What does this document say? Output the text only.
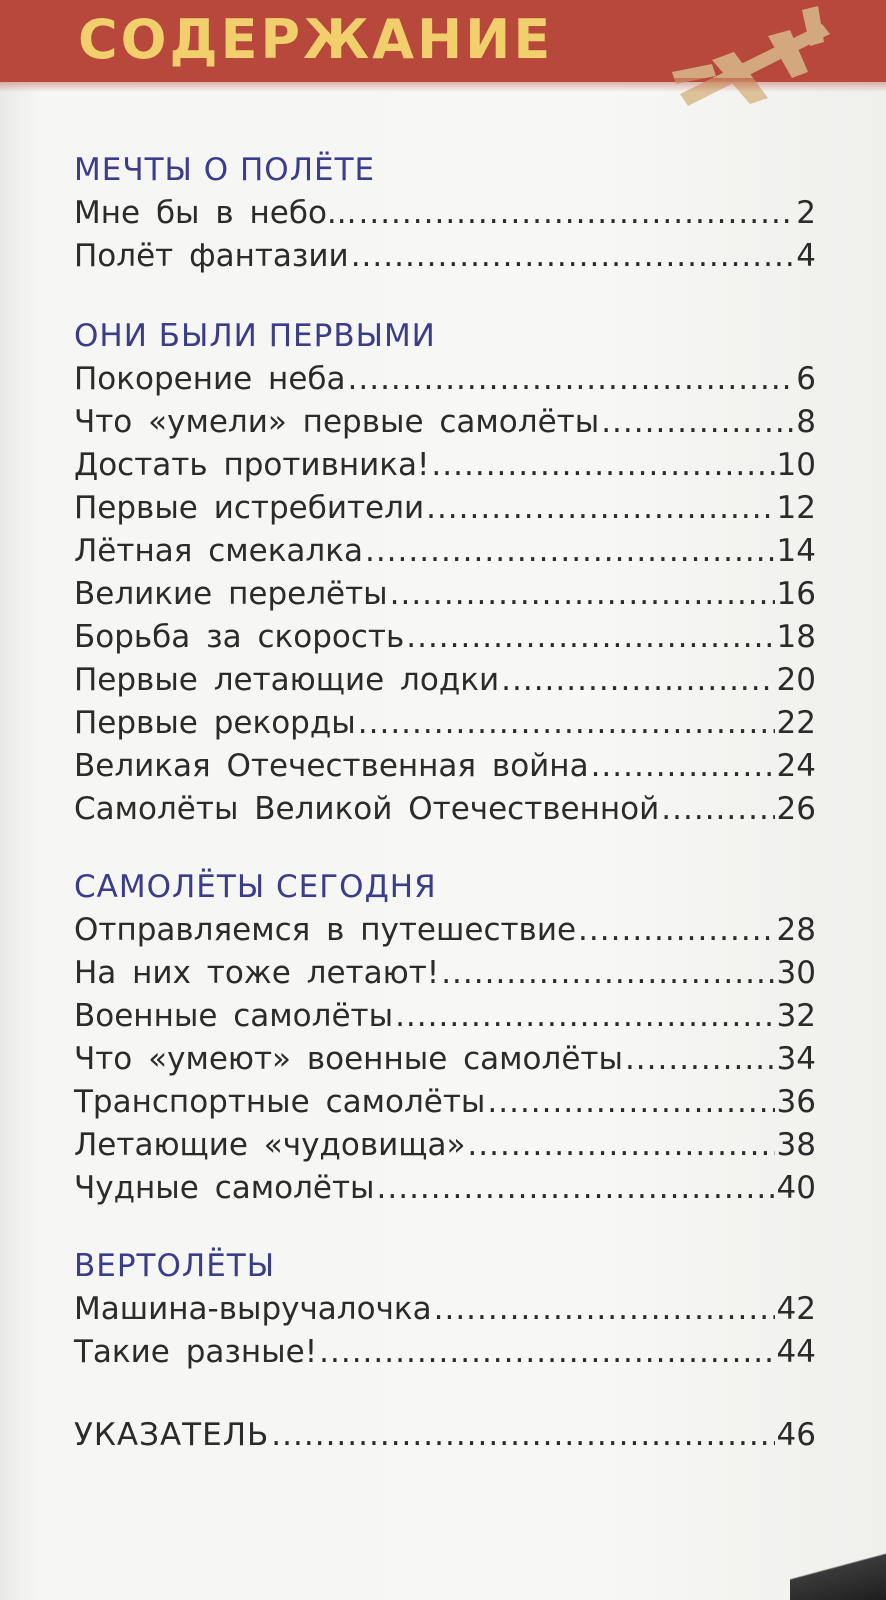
СОДЕРЖАНИЕ
МЕЧТЫ О ПОЛЁТЕ
Мне бы в небо... .....	2
Полёт фантазии .....	4
ОНИ БЫЛИ ПЕРВЫМИ
Покорение неба .....	6
Что «умели» первые самолёты .....	8
Достать противника! .....	10
Первые истребители .....	12
Лётная смекалка .....	14
Великие перелёты .....	16
Борьба за скорость .....	18
Первые летающие лодки .....	20
Первые рекорды .....	22
Великая Отечественная война .....	24
Самолёты Великой Отечественной .....	26
САМОЛЁТЫ СЕГОДНЯ
Отправляемся в путешествие .....	28
На них тоже летают! .....	30
Военные самолёты .....	32
Что «умеют» военные самолёты .....	34
Транспортные самолёты .....	36
Летающие «чудовища» .....	38
Чудные самолёты .....	40
ВЕРТОЛЁТЫ
Машина-выручалочка .....	42
Такие разные! .....	44
УКАЗАТЕЛЬ .....	46
